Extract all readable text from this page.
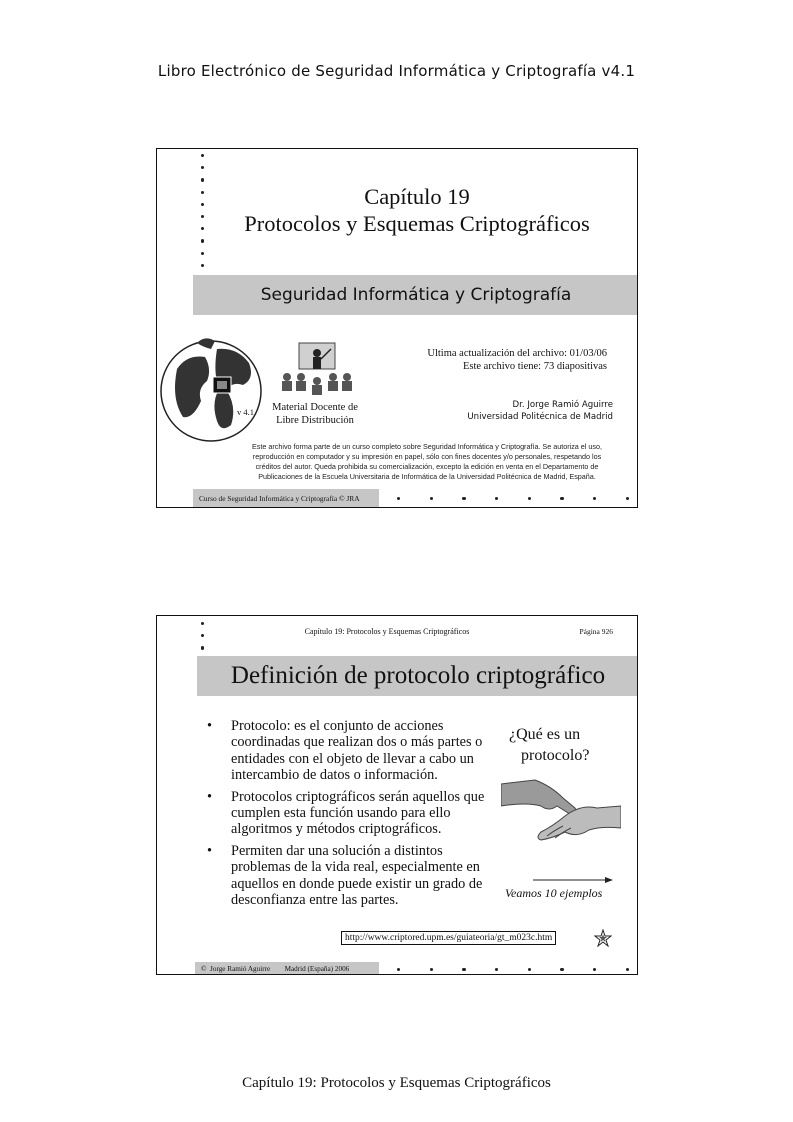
Libro Electrónico de Seguridad Informática y Criptografía v4.1
Capítulo 19
Protocolos y Esquemas Criptográficos
Seguridad Informática y Criptografía
v 4.1	Material Docente de
Libre Distribución
Ultima actualización del archivo: 01/03/06
Este archivo tiene: 73 diapositivas
Dr. Jorge Ramió Aguirre
Universidad Politécnica de Madrid
Este archivo forma parte de un curso completo sobre Seguridad Informática y Criptografía. Se autoriza el uso,
reproducción en computador y su impresión en papel, sólo con fines docentes y/o personales, respetando los
créditos del autor. Queda prohibida su comercialización, excepto la edición en venta en el Departamento de
Publicaciones de la Escuela Universitaria de Informática de la Universidad Politécnica de Madrid, España.
Curso de Seguridad Informática y Criptografía © JRA
Capítulo 19: Protocolos y Esquemas Criptográficos	Página 926
Definición de protocolo criptográfico
• Protocolo: es el conjunto de acciones coordinadas que realizan dos o más partes o entidades con el objeto de llevar a cabo un intercambio de datos o información.
• Protocolos criptográficos serán aquellos que cumplen esta función usando para ello algoritmos y métodos criptográficos.
• Permiten dar una solución a distintos problemas de la vida real, especialmente en aquellos en donde puede existir un grado de desconfianza entre las partes.
¿Qué es un
protocolo?
Veamos 10 ejemplos
http://www.criptored.upm.es/guiateoria/gt_m023c.htm
©  Jorge Ramió Aguirre        Madrid (España) 2006
Capítulo 19: Protocolos y Esquemas Criptográficos
